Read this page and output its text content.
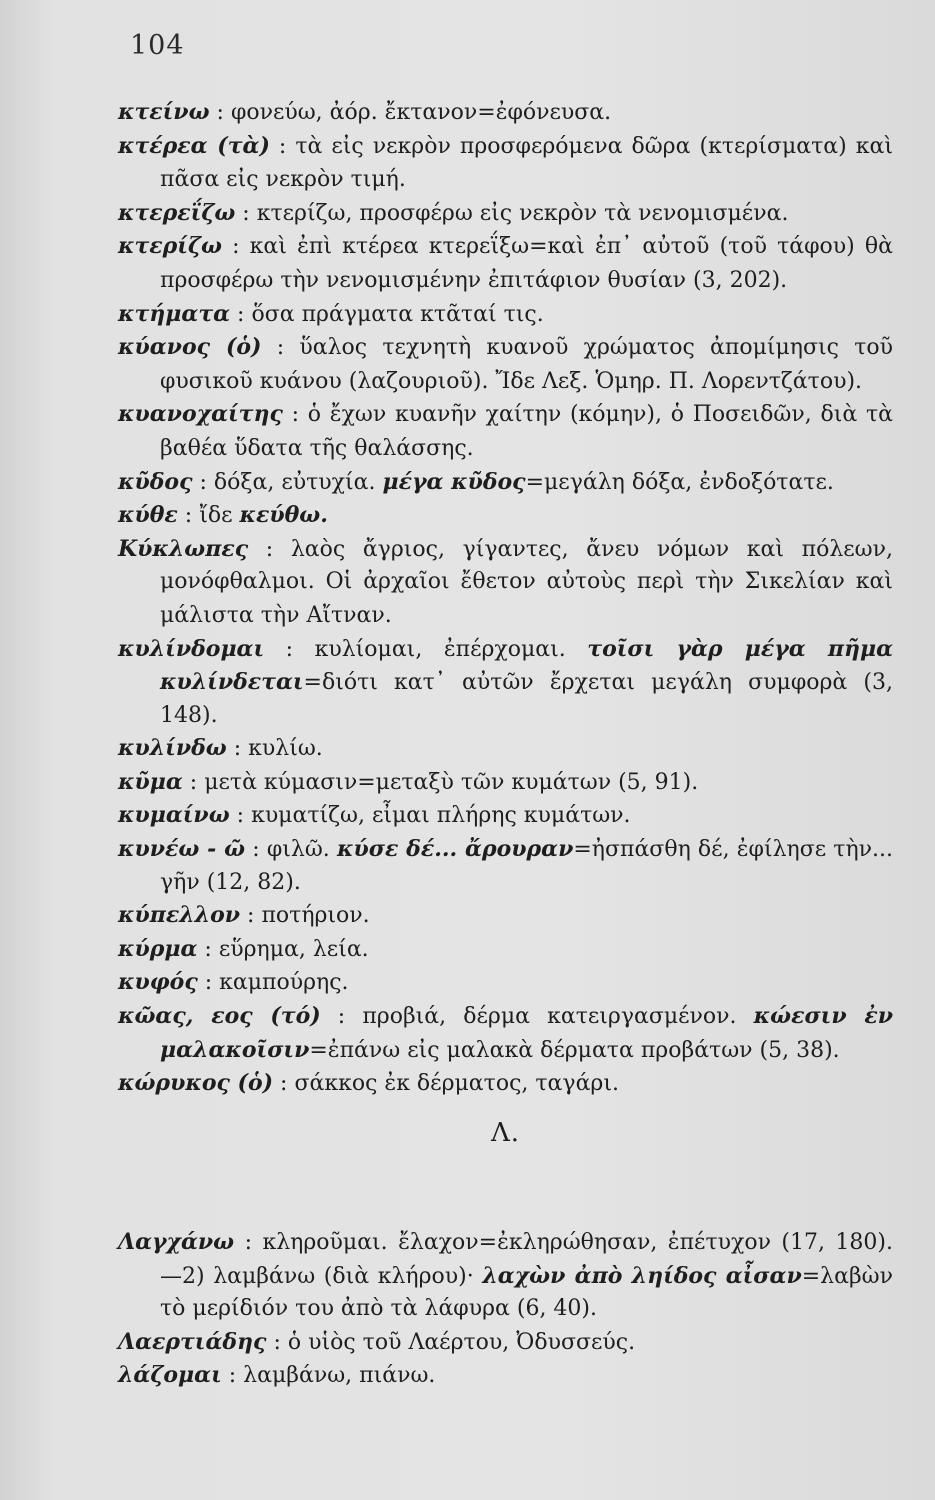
104
κτείνω : φονεύω, ἀόρ. ἔκτανον=ἐφόνευσα.
κτέρεα (τὰ) : τὰ εἰς νεκρὸν προσφερόμενα δῶρα (κτερίσματα) καὶ πᾶσα εἰς νεκρὸν τιμή.
κτερεΐζω : κτερίζω, προσφέρω εἰς νεκρὸν τὰ νενομισμένα.
κτερίζω : καὶ ἐπὶ κτέρεα κτερεΐξω=καὶ ἐπ᾽ αὐτοῦ (τοῦ τάφου) θὰ προσφέρω τὴν νενομισμένην ἐπιτάφιον θυσίαν (3, 202).
κτήματα : ὅσα πράγματα κτᾶταί τις.
κύανος (ὁ) : ὕαλος τεχνητὴ κυανοῦ χρώματος ἀπομίμησις τοῦ φυσικοῦ κυάνου (λαζουριοῦ). Ἴδε Λεξ. Ὁμηρ. Π. Λορεντζάτου).
κυανοχαίτης : ὁ ἔχων κυανῆν χαίτην (κόμην), ὁ Ποσειδῶν, διὰ τὰ βαθέα ὕδατα τῆς θαλάσσης.
κῦδος : δόξα, εὐτυχία. μέγα κῦδος=μεγάλη δόξα, ἐνδοξότατε.
κύθε : ἴδε κεύθω.
Κύκλωπες : λαὸς ἄγριος, γίγαντες, ἄνευ νόμων καὶ πόλεων, μονόφθαλμοι. Οἱ ἀρχαῖοι ἔθετον αὐτοὺς περὶ τὴν Σικελίαν καὶ μάλιστα τὴν Αἴτναν.
κυλίνδομαι : κυλίομαι, ἐπέρχομαι. τοῖσι γὰρ μέγα πῆμα κυλίνδεται=διότι κατ᾽ αὐτῶν ἔρχεται μεγάλη συμφορὰ (3, 148).
κυλίνδω : κυλίω.
κῦμα : μετὰ κύμασιν=μεταξὺ τῶν κυμάτων (5, 91).
κυμαίνω : κυματίζω, εἶμαι πλήρης κυμάτων.
κυνέω - ῶ : φιλῶ. κύσε δέ... ἄρουραν=ἠσπάσθη δέ, ἐφίλησε τὴν... γῆν (12, 82).
κύπελλον : ποτήριον.
κύρμα : εὕρημα, λεία.
κυφός : καμπούρης.
κῶας, εος (τό) : προβιά, δέρμα κατειργασμένον. κώεσιν ἐν μαλακοῖσιν=ἐπάνω εἰς μαλακὰ δέρματα προβάτων (5, 38).
κώρυκος (ὁ) : σάκκος ἐκ δέρματος, ταγάρι.
Λ.
Λαγχάνω : κληροῦμαι. ἔλαχον=ἐκληρώθησαν, ἐπέτυχον (17, 180).—2) λαμβάνω (διὰ κλήρου)· λαχὼν ἀπὸ ληίδος αἶσαν=λαβὼν τὸ μερίδιόν του ἀπὸ τὰ λάφυρα (6, 40).
Λαερτιάδης : ὁ υἱὸς τοῦ Λαέρτου, Ὀδυσσεύς.
λάζομαι : λαμβάνω, πιάνω.
